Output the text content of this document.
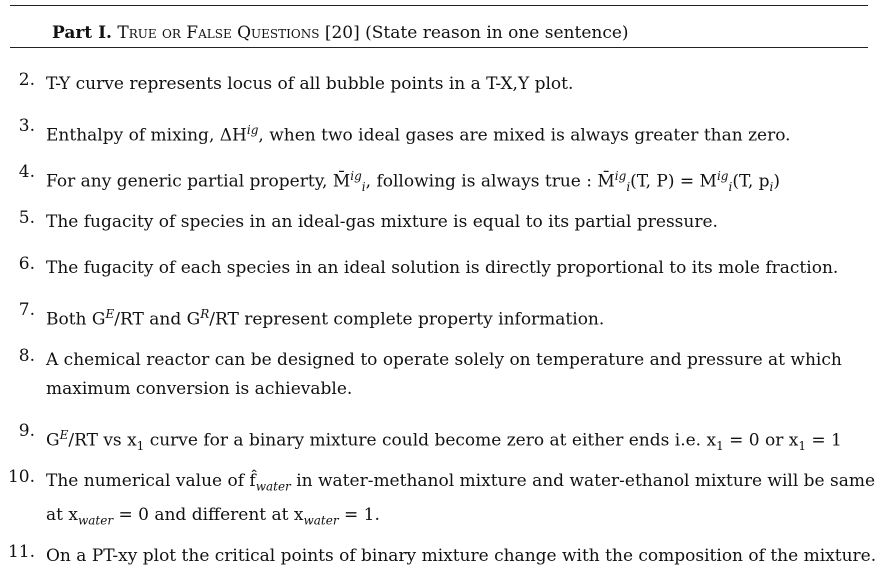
Part I. True or False Questions [20] (State reason in one sentence)
2. T-Y curve represents locus of all bubble points in a T-X,Y plot.
3. Enthalpy of mixing, $\Delta H^{ig}$, when two ideal gases are mixed is always greater than zero.
4. For any generic partial property, M̄$^{ig}_i$, following is always true : M̄$^{ig}_i$(T, $P) = M^{ig}_i(T$, $p_i$)
5. The fugacity of species in an ideal-gas mixture is equal to its partial pressure.
6. The fugacity of each species in an ideal solution is directly proportional to its mole fraction.
7. Both $G^E/RT$ and $G^R/RT$ represent complete property information.
8. A chemical reactor can be designed to operate solely on temperature and pressure at which
maximum conversion is achievable.
9. $G^E/RT$ vs $x_1$ curve for a binary mixture could become zero at either ends i.e. $x_1 = 0$ or $x_1 = 1$
10. The numerical value of $f̂_{water}$ in water-methanol mixture and water-ethanol mixture will be same
at $x_{water} = 0$ and different at $x_{water} = 1$.
11. On a PT-xy plot the critical points of binary mixture change with the composition of the mixture.
